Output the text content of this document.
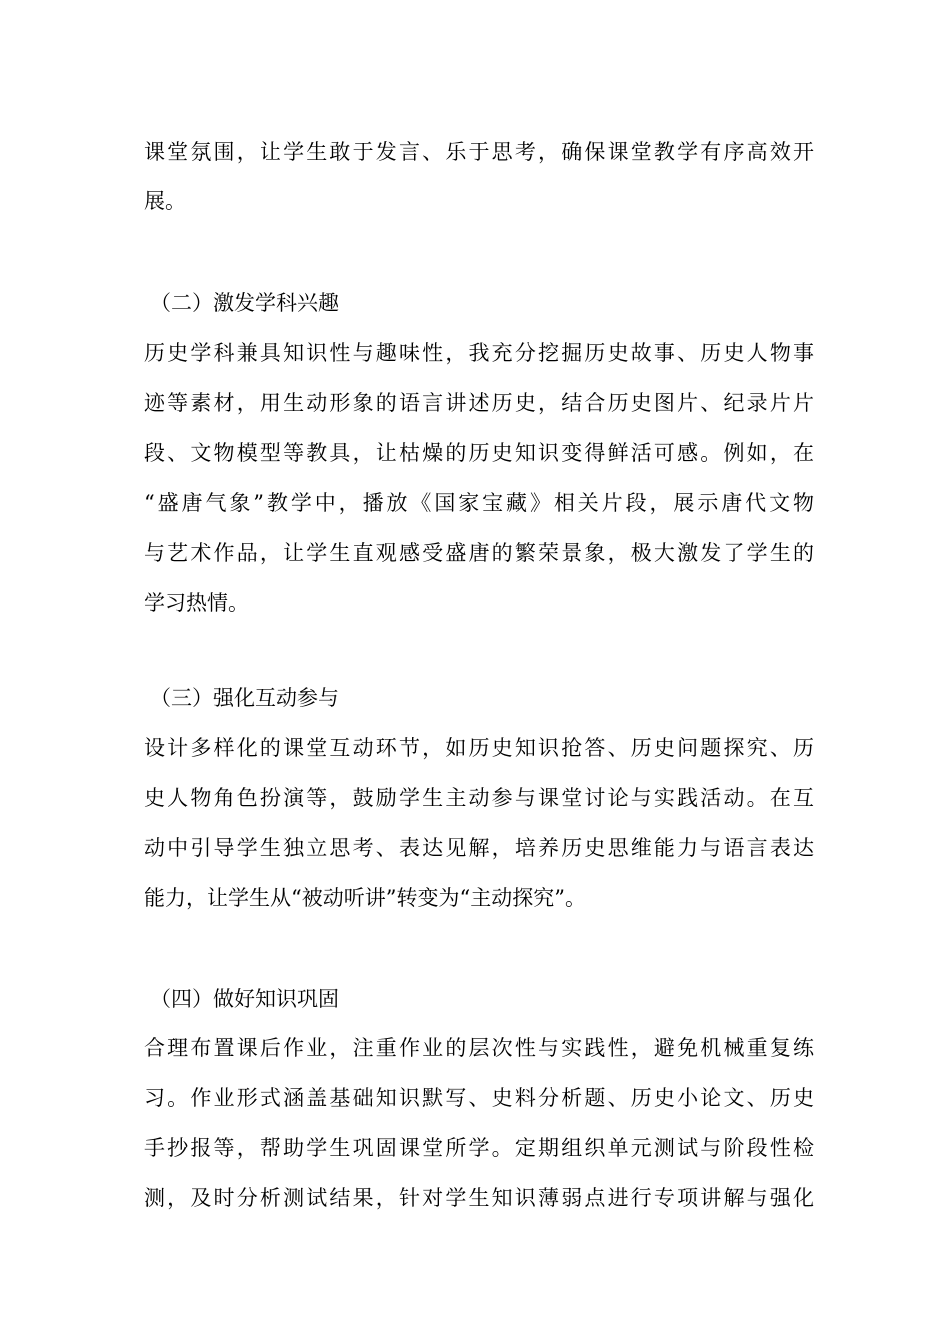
课堂氛围，让学生敢于发言、乐于思考，确保课堂教学有序高效开
展。
（二）激发学科兴趣
历史学科兼具知识性与趣味性，我充分挖掘历史故事、历史人物事
迹等素材，用生动形象的语言讲述历史，结合历史图片、纪录片片
段、文物模型等教具，让枯燥的历史知识变得鲜活可感。例如，在
“盛唐气象”教学中，播放《国家宝藏》相关片段，展示唐代文物
与艺术作品，让学生直观感受盛唐的繁荣景象，极大激发了学生的
学习热情。
（三）强化互动参与
设计多样化的课堂互动环节，如历史知识抢答、历史问题探究、历
史人物角色扮演等，鼓励学生主动参与课堂讨论与实践活动。在互
动中引导学生独立思考、表达见解，培养历史思维能力与语言表达
能力，让学生从“被动听讲”转变为“主动探究”。
（四）做好知识巩固
合理布置课后作业，注重作业的层次性与实践性，避免机械重复练
习。作业形式涵盖基础知识默写、史料分析题、历史小论文、历史
手抄报等，帮助学生巩固课堂所学。定期组织单元测试与阶段性检
测，及时分析测试结果，针对学生知识薄弱点进行专项讲解与强化
